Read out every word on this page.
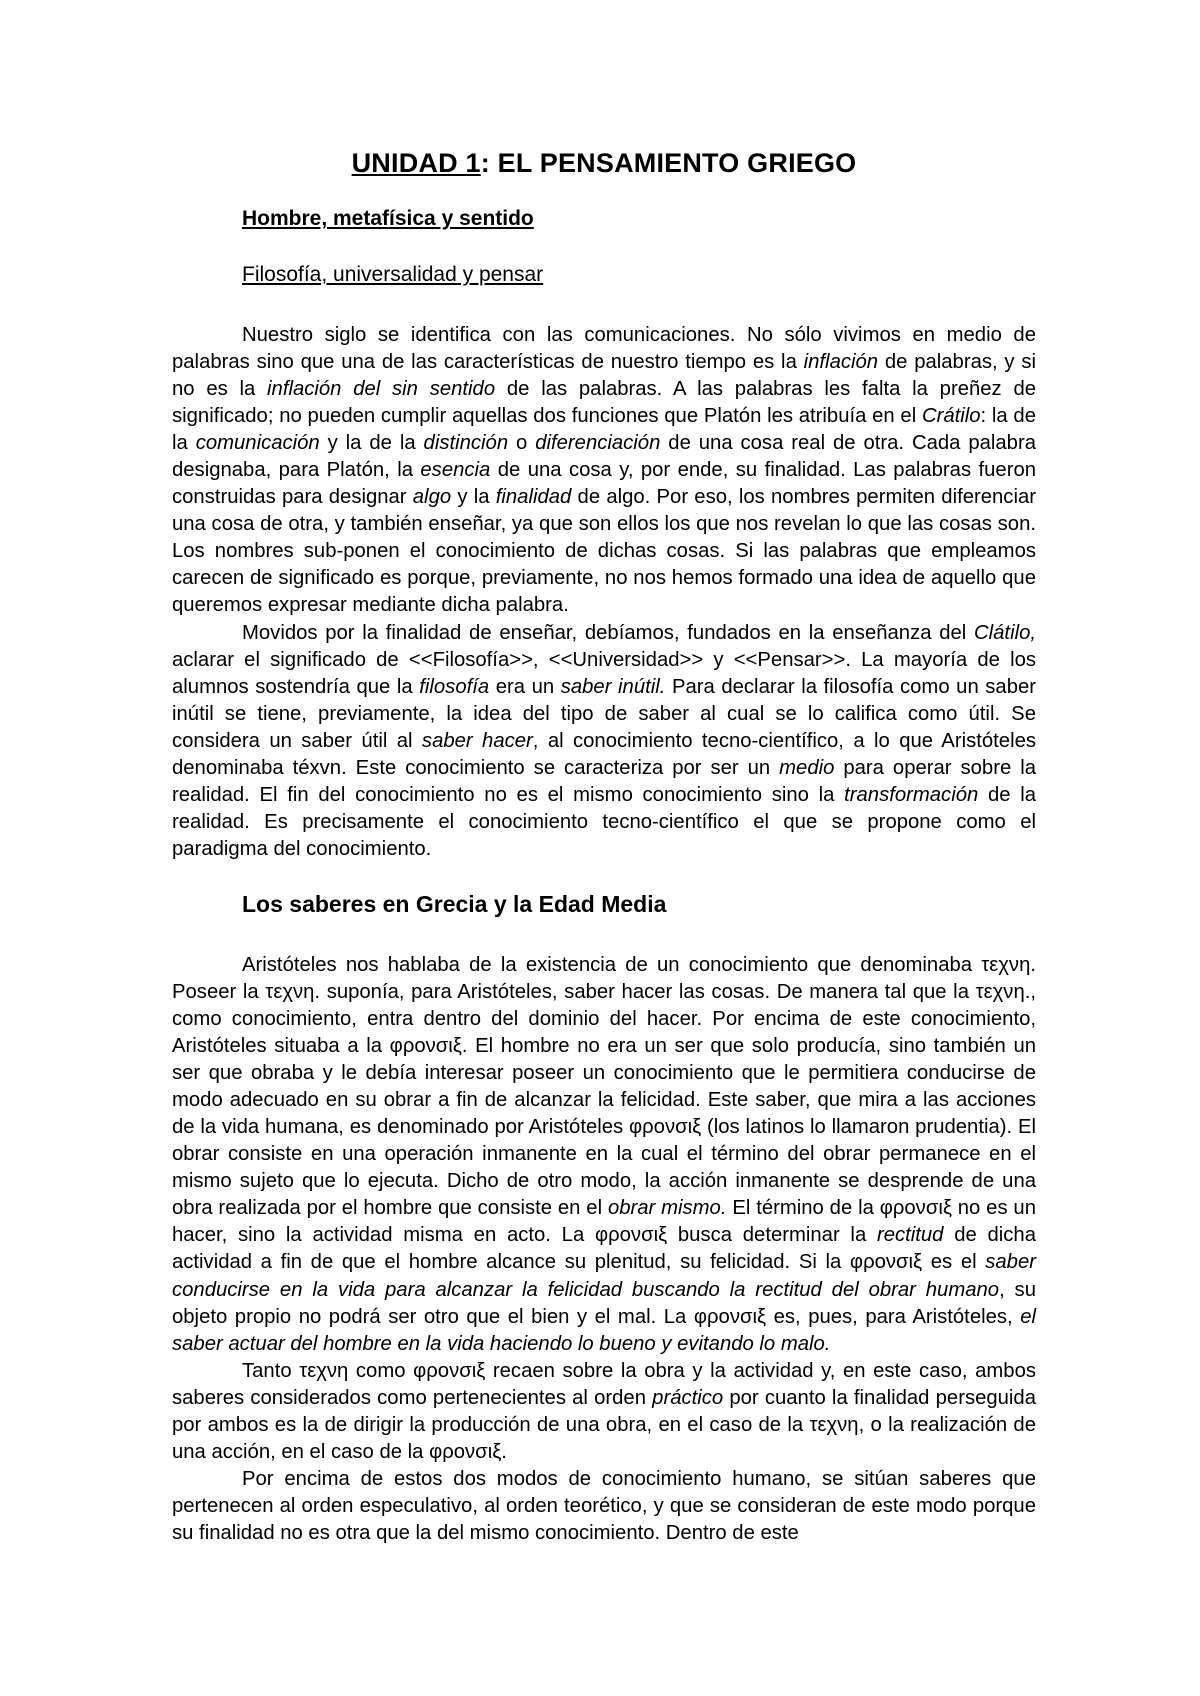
UNIDAD 1: EL PENSAMIENTO GRIEGO
Hombre, metafísica y sentido
Filosofía, universalidad y pensar

Nuestro siglo se identifica con las comunicaciones. No sólo vivimos en medio de palabras sino que una de las características de nuestro tiempo es la inflación de palabras, y si no es la inflación del sin sentido de las palabras. A las palabras les falta la preñez de significado; no pueden cumplir aquellas dos funciones que Platón les atribuía en el Crátilo: la de la comunicación y la de la distinción o diferenciación de una cosa real de otra. Cada palabra designaba, para Platón, la esencia de una cosa y, por ende, su finalidad. Las palabras fueron construidas para designar algo y la finalidad de algo. Por eso, los nombres permiten diferenciar una cosa de otra, y también enseñar, ya que son ellos los que nos revelan lo que las cosas son. Los nombres sub-ponen el conocimiento de dichas cosas. Si las palabras que empleamos carecen de significado es porque, previamente, no nos hemos formado una idea de aquello que queremos expresar mediante dicha palabra.

Movidos por la finalidad de enseñar, debíamos, fundados en la enseñanza del Clátilo, aclarar el significado de <<Filosofía>>, <<Universidad>> y <<Pensar>>. La mayoría de los alumnos sostendría que la filosofía era un saber inútil. Para declarar la filosofía como un saber inútil se tiene, previamente, la idea del tipo de saber al cual se lo califica como útil. Se considera un saber útil al saber hacer, al conocimiento tecno-científico, a lo que Aristóteles denominaba téxvn. Este conocimiento se caracteriza por ser un medio para operar sobre la realidad. El fin del conocimiento no es el mismo conocimiento sino la transformación de la realidad. Es precisamente el conocimiento tecno-científico el que se propone como el paradigma del conocimiento.

Los saberes en Grecia y la Edad Media

Aristóteles nos hablaba de la existencia de un conocimiento que denominaba τεχνη. Poseer la τεχνη. suponía, para Aristóteles, saber hacer las cosas. De manera tal que la τεχνη., como conocimiento, entra dentro del dominio del hacer. Por encima de este conocimiento, Aristóteles situaba a la φρονσιξ. El hombre no era un ser que solo producía, sino también un ser que obraba y le debía interesar poseer un conocimiento que le permitiera conducirse de modo adecuado en su obrar a fin de alcanzar la felicidad. Este saber, que mira a las acciones de la vida humana, es denominado por Aristóteles φρονσιξ (los latinos lo llamaron prudentia). El obrar consiste en una operación inmanente en la cual el término del obrar permanece en el mismo sujeto que lo ejecuta. Dicho de otro modo, la acción inmanente se desprende de una obra realizada por el hombre que consiste en el obrar mismo. El término de la φρονσιξ no es un hacer, sino la actividad misma en acto. La φρονσιξ busca determinar la rectitud de dicha actividad a fin de que el hombre alcance su plenitud, su felicidad. Si la φρονσιξ es el saber conducirse en la vida para alcanzar la felicidad buscando la rectitud del obrar humano, su objeto propio no podrá ser otro que el bien y el mal. La φρονσιξ es, pues, para Aristóteles, el saber actuar del hombre en la vida haciendo lo bueno y evitando lo malo.

Tanto τεχνη como φρονσιξ recaen sobre la obra y la actividad y, en este caso, ambos saberes considerados como pertenecientes al orden práctico por cuanto la finalidad perseguida por ambos es la de dirigir la producción de una obra, en el caso de la τεχνη, o la realización de una acción, en el caso de la φρονσιξ.

Por encima de estos dos modos de conocimiento humano, se sitúan saberes que pertenecen al orden especulativo, al orden teorético, y que se consideran de este modo porque su finalidad no es otra que la del mismo conocimiento. Dentro de este
